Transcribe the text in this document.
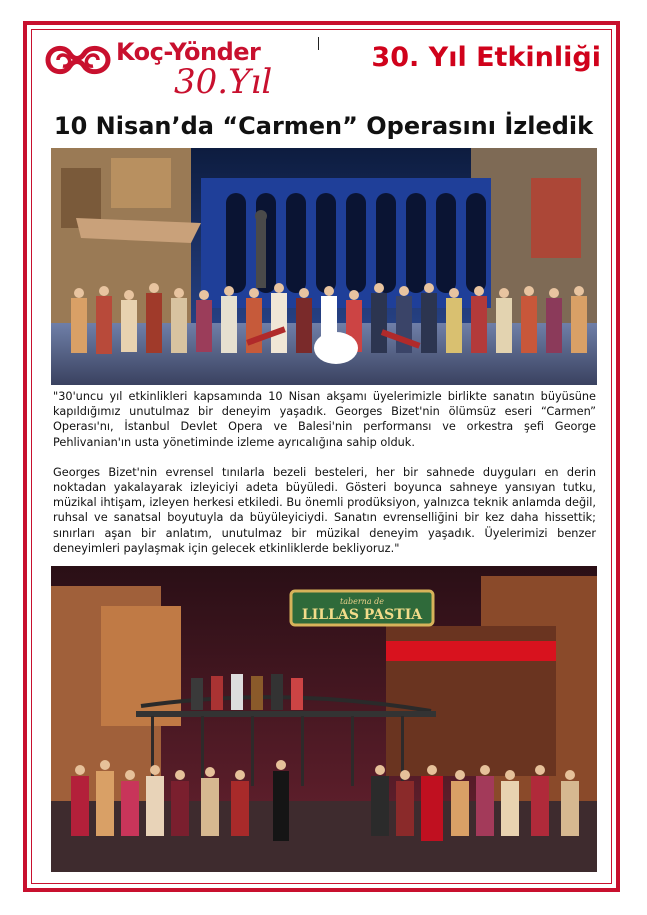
Koç-Yönder
30.Yıl
30. Yıl Etkinliği
10 Nisan’da “Carmen” Operasını İzledik

"30'uncu yıl etkinlikleri kapsamında 10 Nisan akşamı üyelerimizle birlikte sanatın büyüsüne kapıldığımız unutulmaz bir deneyim yaşadık. Georges Bizet'nin ölümsüz eseri “Carmen” Operası'nı, İstanbul Devlet Opera ve Balesi'nin performansı ve orkestra şefi George Pehlivanian'ın usta yönetiminde izleme ayrıcalığına sahip olduk.

Georges Bizet'nin evrensel tınılarla bezeli besteleri, her bir sahnede duyguları en derin noktadan yakalayarak izleyiciyi adeta büyüledi. Gösteri boyunca sahneye yansıyan tutku, müzikal ihtişam, izleyen herkesi etkiledi. Bu önemli prodüksiyon, yalnızca teknik anlamda değil, ruhsal ve sanatsal boyutuyla da büyüleyiciydi. Sanatın evrenselliğini bir kez daha hissettik; sınırları aşan bir anlatım, unutulmaz bir müzikal deneyim yaşadık. Üyelerimizi benzer deneyimleri paylaşmak için gelecek etkinliklerde bekliyoruz."

taberna de
LILLAS PASTIA
